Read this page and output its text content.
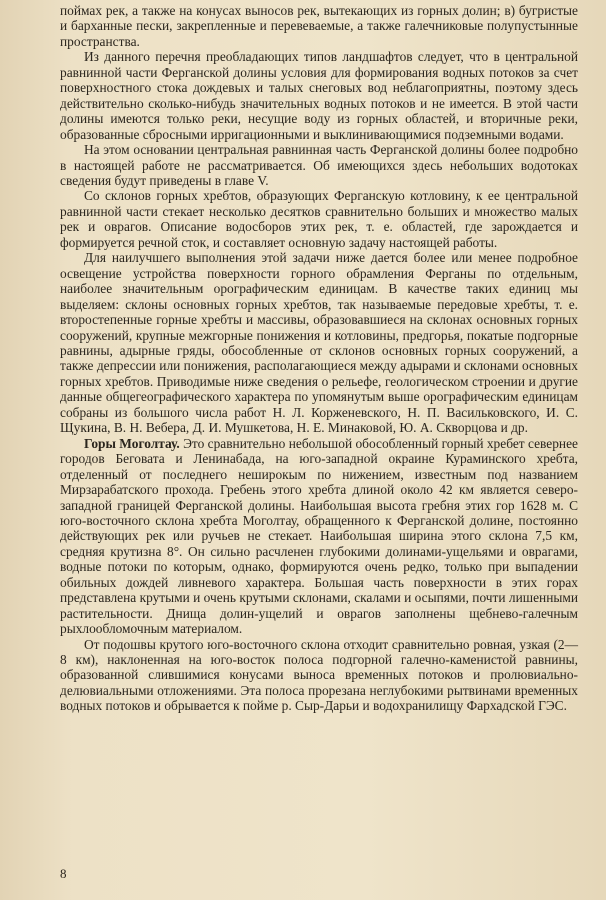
поймах рек, а также на конусах выносов рек, вытекающих из горных долин; в) бугристые и барханные пески, закрепленные и перевеваемые, а также галечниковые полупустынные пространства.

Из данного перечня преобладающих типов ландшафтов следует, что в центральной равнинной части Ферганской долины условия для формирования водных потоков за счет поверхностного стока дождевых и талых снеговых вод неблагоприятны, поэтому здесь действительно сколько-нибудь значительных водных потоков и не имеется. В этой части долины имеются только реки, несущие воду из горных областей, и вторичные реки, образованные сбросными ирригационными и выклинивающимися подземными водами.

На этом основании центральная равнинная часть Ферганской долины более подробно в настоящей работе не рассматривается. Об имеющихся здесь небольших водотоках сведения будут приведены в главе V.

Со склонов горных хребтов, образующих Ферганскую котловину, к ее центральной равнинной части стекает несколько десятков сравнительно больших и множество малых рек и оврагов. Описание водосборов этих рек, т. е. областей, где зарождается и формируется речной сток, и составляет основную задачу настоящей работы.

Для наилучшего выполнения этой задачи ниже дается более или менее подробное освещение устройства поверхности горного обрамления Ферганы по отдельным, наиболее значительным орографическим единицам. В качестве таких единиц мы выделяем: склоны основных горных хребтов, так называемые передовые хребты, т. е. второстепенные горные хребты и массивы, образовавшиеся на склонах основных горных сооружений, крупные межгорные понижения и котловины, предгорья, покатые подгорные равнины, адырные гряды, обособленные от склонов основных горных сооружений, а также депрессии или понижения, располагающиеся между адырами и склонами основных горных хребтов. Приводимые ниже сведения о рельефе, геологическом строении и другие данные общегеографического характера по упомянутым выше орографическим единицам собраны из большого числа работ Н. Л. Корженевского, Н. П. Васильковского, И. С. Щукина, В. Н. Вебера, Д. И. Мушкетова, Н. Е. Минаковой, Ю. А. Скворцова и др.

Горы Моголтау. Это сравнительно небольшой обособленный горный хребет севернее городов Беговата и Ленинабада, на юго-западной окраине Кураминского хребта, отделенный от последнего неширокым по нижением, известным под названием Мирзарабатского прохода. Гребень этого хребта длиной около 42 км является северо-западной границей Ферганской долины. Наибольшая высота гребня этих гор 1628 м. С юго-восточного склона хребта Моголтау, обращенного к Ферганской долине, постоянно действующих рек или ручьев не стекает. Наибольшая ширина этого склона 7,5 км, средняя крутизна 8°. Он сильно расчленен глубокими долинами-ущельями и оврагами, водные потоки по которым, однако, формируются очень редко, только при выпадении обильных дождей ливневого характера. Большая часть поверхности в этих горах представлена крутыми и очень крутыми склонами, скалами и осыпями, почти лишенными растительности. Днища долин-ущелий и оврагов заполнены щебнево-галечным рыхлообломочным материалом.

От подошвы крутого юго-восточного склона отходит сравнительно ровная, узкая (2—8 км), наклоненная на юго-восток полоса подгорной галечно-каменистой равнины, образованной слившимися конусами выноса временных потоков и пролювиально-делювиальными отложениями. Эта полоса прорезана неглубокими рытвинами временных водных потоков и обрывается к пойме р. Сыр-Дарьи и водохранилищу Фархадской ГЭС.

8
